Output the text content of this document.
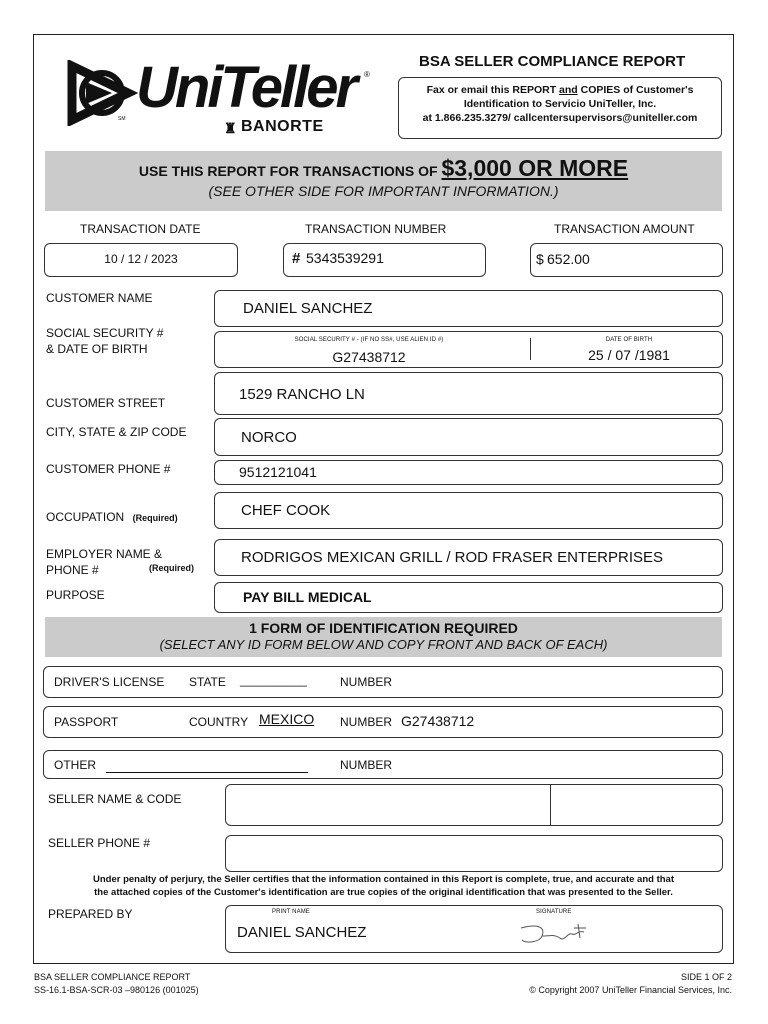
SM UniTeller ®
♜ BANORTE
BSA SELLER COMPLIANCE REPORT
Fax or email this REPORT and COPIES of Customer's
Identification to Servicio UniTeller, Inc.
at 1.866.235.3279/ callcentersupervisors@uniteller.com
USE THIS REPORT FOR TRANSACTIONS OF $3,000 OR MORE
(SEE OTHER SIDE FOR IMPORTANT INFORMATION.)
TRANSACTION DATE	TRANSACTION NUMBER	TRANSACTION AMOUNT
10 / 12 / 2023	# 5343539291	$ 652.00
CUSTOMER NAME
DANIEL SANCHEZ
SOCIAL SECURITY #
& DATE OF BIRTH
SOCIAL SECURITY # - (IF NO SS#, USE ALIEN ID #)
G27438712
DATE OF BIRTH
25 / 07 /1981
CUSTOMER STREET	1529 RANCHO LN
CITY, STATE & ZIP CODE	NORCO
CUSTOMER PHONE #	9512121041
OCCUPATION (Required)	CHEF COOK
EMPLOYER NAME &
PHONE #	(Required)
RODRIGOS MEXICAN GRILL / ROD FRASER ENTERPRISES
PURPOSE	PAY BILL MEDICAL
1 FORM OF IDENTIFICATION REQUIRED
(SELECT ANY ID FORM BELOW AND COPY FRONT AND BACK OF EACH)
DRIVER'S LICENSE STATE __________	NUMBER
PASSPORT	COUNTRY MEXICO NUMBER G27438712
OTHER	NUMBER
SELLER NAME & CODE
SELLER PHONE #
Under penalty of perjury, the Seller certifies that the information contained in this Report is complete, true, and accurate and that
the attached copies of the Customer's identification are true copies of the original identification that was presented to the Seller.
PREPARED BY	PRINT NAME
DANIEL SANCHEZ
SIGNATURE
BSA SELLER COMPLIANCE REPORT
SS-16.1-BSA-SCR-03 –980126 (001025)
SIDE 1 OF 2
© Copyright 2007 UniTeller Financial Services, Inc.
